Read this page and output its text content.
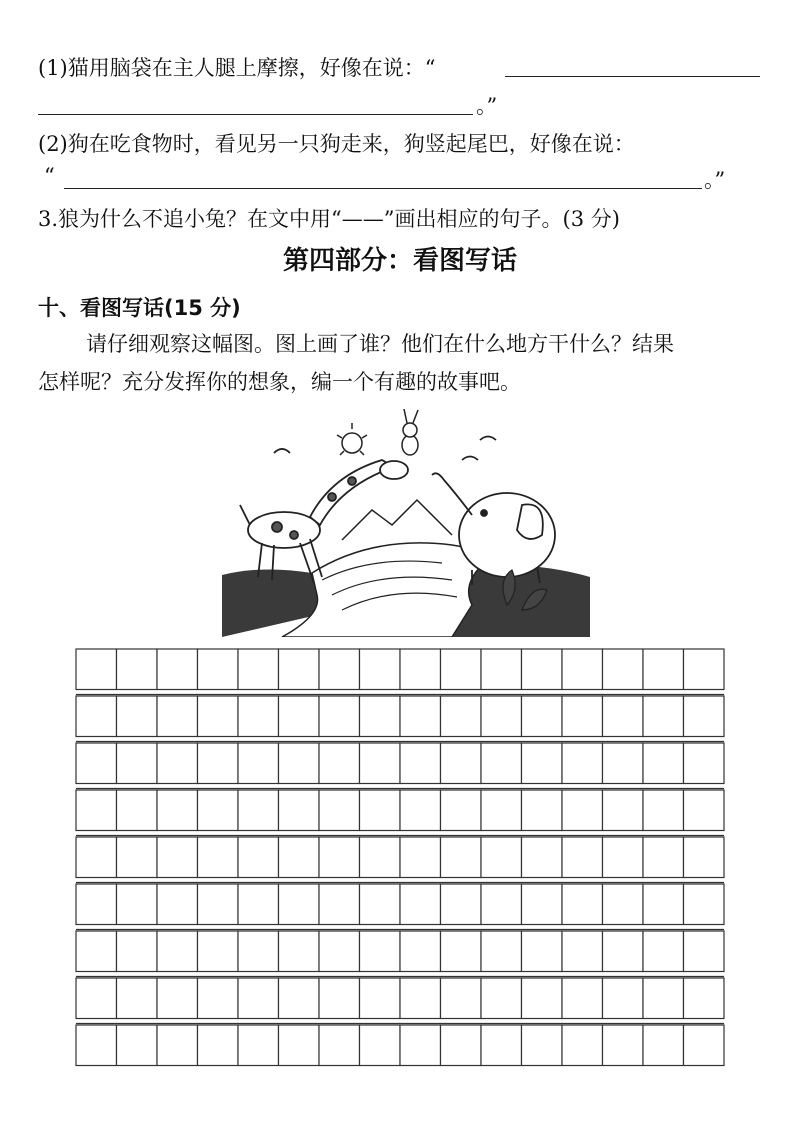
(1)猫用脑袋在主人腿上摩擦，好像在说：“
。”
(2)狗在吃食物时，看见另一只狗走来，狗竖起尾巴，好像在说：
“	。”
3.狼为什么不追小兔？在文中用“——”画出相应的句子。(3 分)
第四部分：看图写话
十、看图写话(15 分)
请仔细观察这幅图。图上画了谁？他们在什么地方干什么？结果
怎样呢？充分发挥你的想象，编一个有趣的故事吧。
